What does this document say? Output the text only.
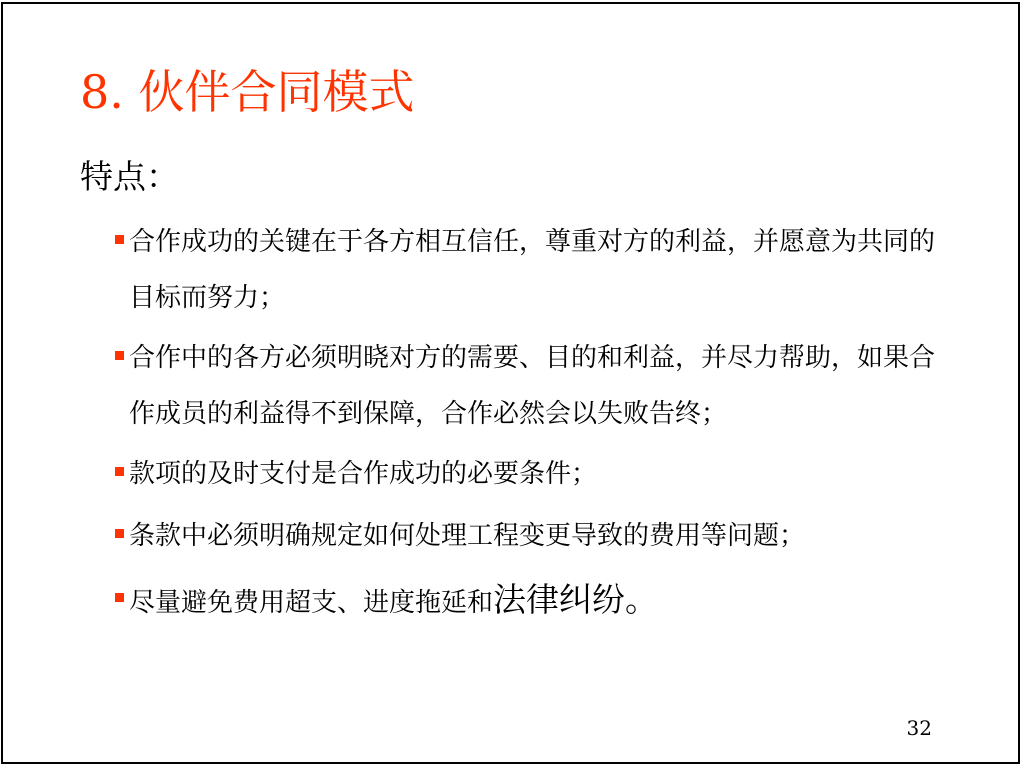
8. 伙伴合同模式
特点：
合作成功的关键在于各方相互信任，尊重对方的利益，并愿意为共同的目标而努力；
合作中的各方必须明晓对方的需要、目的和利益，并尽力帮助，如果合作成员的利益得不到保障，合作必然会以失败告终；
款项的及时支付是合作成功的必要条件；
条款中必须明确规定如何处理工程变更导致的费用等问题；
尽量避免费用超支、进度拖延和法律纠纷。
32
